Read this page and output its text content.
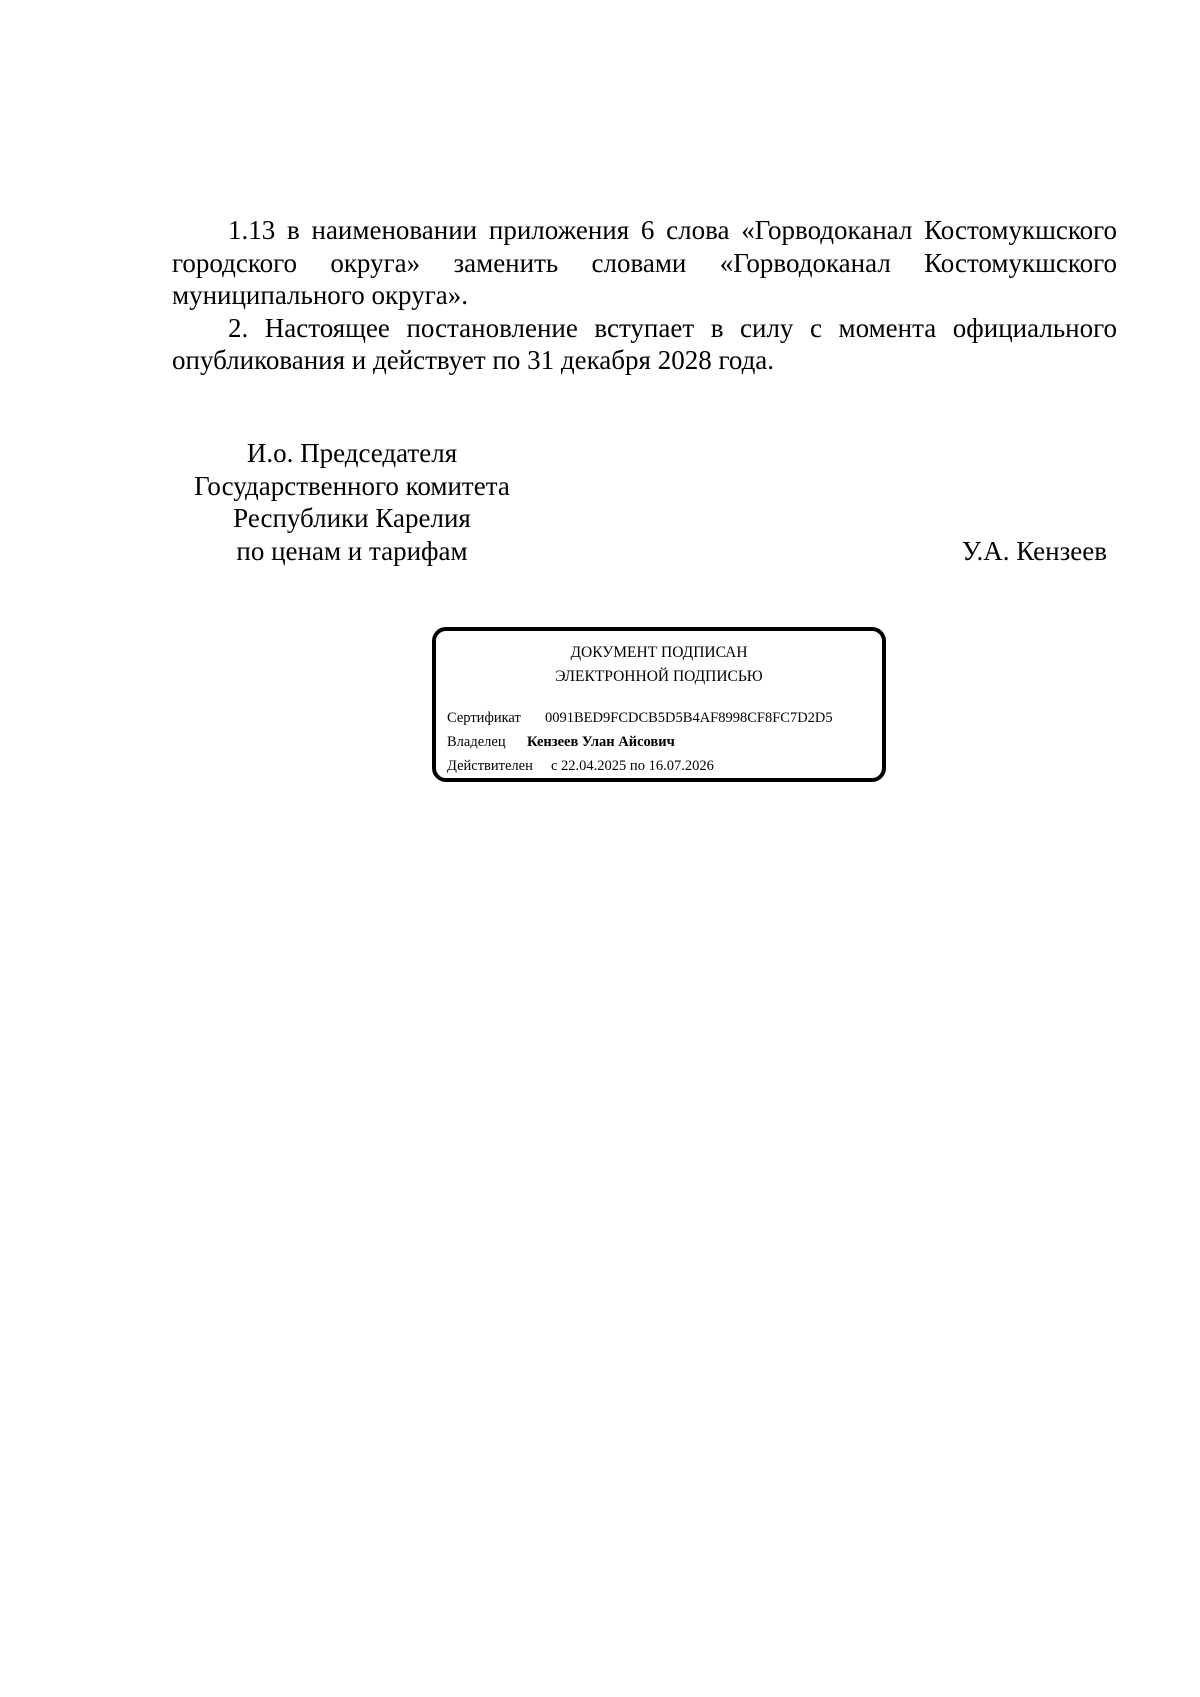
1.13 в наименовании приложения 6 слова «Горводоканал Костомукшского городского округа» заменить словами «Горводоканал Костомукшского муниципального округа».

2. Настоящее постановление вступает в силу с момента официального опубликования и действует по 31 декабря 2028 года.

И.о. Председателя
Государственного комитета
Республики Карелия
по ценам и тарифам	У.А. Кензеев
ДОКУМЕНТ ПОДПИСАН
ЭЛЕКТРОННОЙ ПОДПИСЬЮ
Сертификат 0091BED9FCDCB5D5B4AF8998CF8FC7D2D5
Владелец Кензеев Улан Айсович
Действителен с 22.04.2025 по 16.07.2026
